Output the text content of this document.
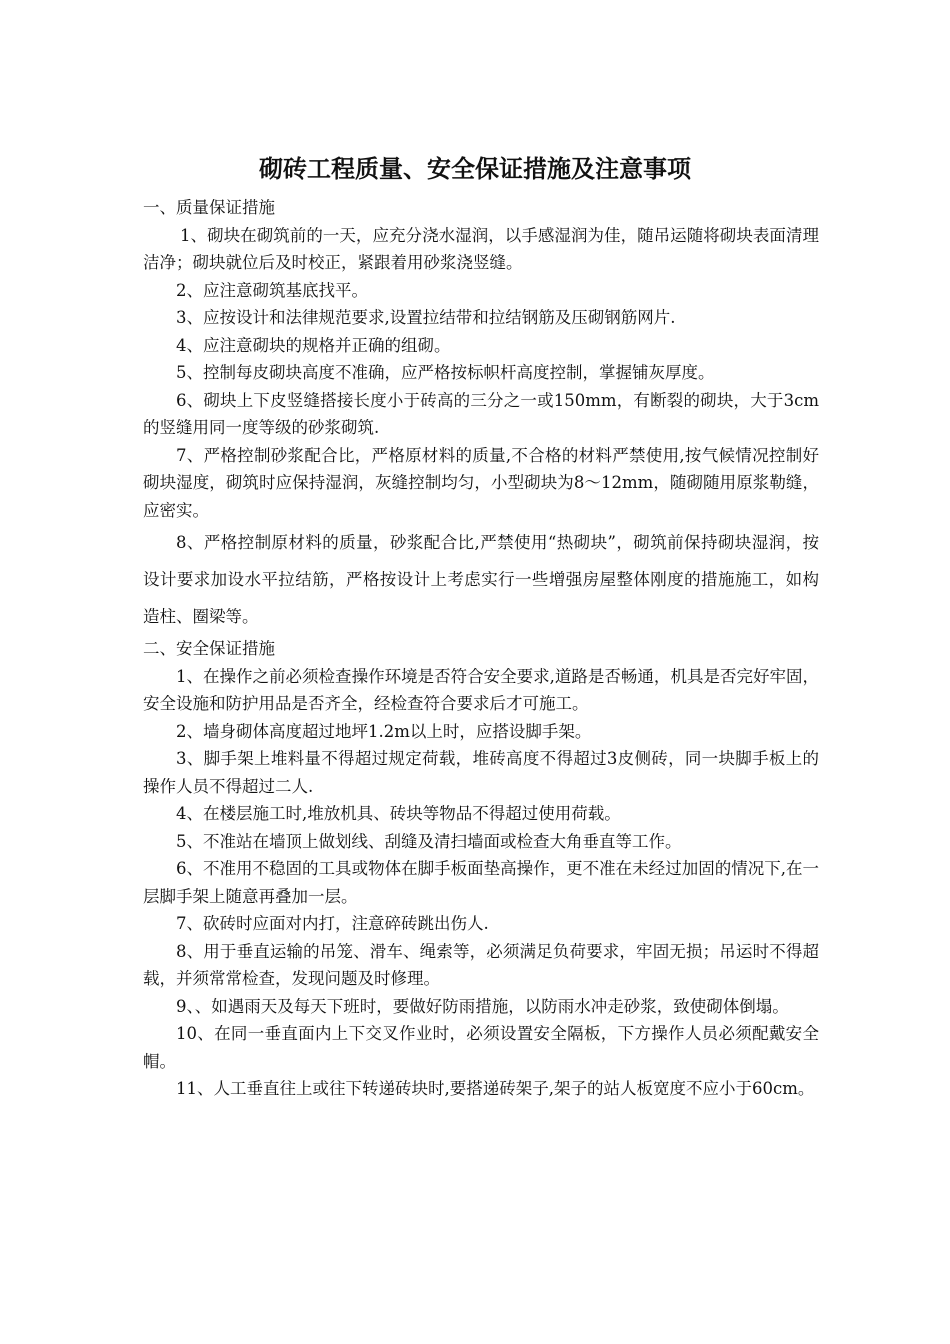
砌砖工程质量、安全保证措施及注意事项

一、质量保证措施

1、砌块在砌筑前的一天，应充分浇水湿润，以手感湿润为佳，随吊运随将砌块表面清理洁净；砌块就位后及时校正，紧跟着用砂浆浇竖缝。

2、应注意砌筑基底找平。

3、应按设计和法律规范要求,设置拉结带和拉结钢筋及压砌钢筋网片.

4、应注意砌块的规格并正确的组砌。

5、控制每皮砌块高度不准确，应严格按标帜杆高度控制，掌握铺灰厚度。

6、砌块上下皮竖缝搭接长度小于砖高的三分之一或150mm，有断裂的砌块，大于3cm的竖缝用同一度等级的砂浆砌筑.

7、严格控制砂浆配合比，严格原材料的质量,不合格的材料严禁使用,按气候情况控制好砌块湿度，砌筑时应保持湿润，灰缝控制均匀，小型砌块为8～12mm，随砌随用原浆勒缝，应密实。

8、严格控制原材料的质量，砂浆配合比,严禁使用“热砌块”，砌筑前保持砌块湿润，按设计要求加设水平拉结筋，严格按设计上考虑实行一些增强房屋整体刚度的措施施工，如构造柱、圈梁等。

二、安全保证措施

1、在操作之前必须检查操作环境是否符合安全要求,道路是否畅通，机具是否完好牢固，安全设施和防护用品是否齐全，经检查符合要求后才可施工。

2、墙身砌体高度超过地坪1.2m以上时，应搭设脚手架。

3、脚手架上堆料量不得超过规定荷载，堆砖高度不得超过3皮侧砖，同一块脚手板上的操作人员不得超过二人.

4、在楼层施工时,堆放机具、砖块等物品不得超过使用荷载。

5、不准站在墙顶上做划线、刮缝及清扫墙面或检查大角垂直等工作。

6、不准用不稳固的工具或物体在脚手板面垫高操作，更不准在未经过加固的情况下,在一层脚手架上随意再叠加一层。

7、砍砖时应面对内打，注意碎砖跳出伤人.

8、用于垂直运输的吊笼、滑车、绳索等，必须满足负荷要求，牢固无损；吊运时不得超载，并须常常检查，发现问题及时修理。

9、、如遇雨天及每天下班时，要做好防雨措施，以防雨水冲走砂浆，致使砌体倒塌。

10、在同一垂直面内上下交叉作业时，必须设置安全隔板，下方操作人员必须配戴安全帽。

11、人工垂直往上或往下转递砖块时,要搭递砖架子,架子的站人板宽度不应小于60cm。
